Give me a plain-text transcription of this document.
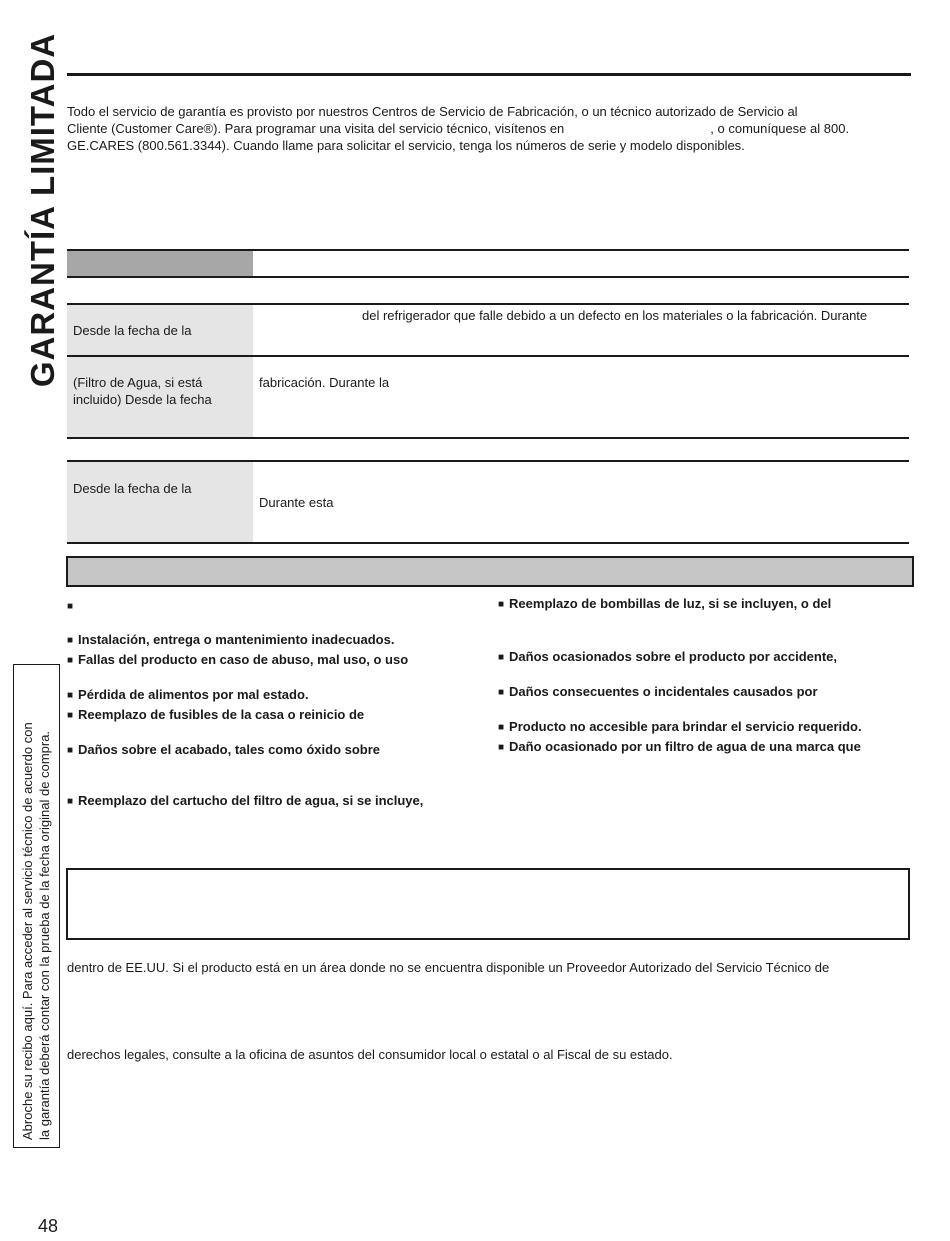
GARANTÍA LIMITADA Todo el servicio de garantía es provisto por nuestros Centros de Servicio de Fabricación, o un técnico autorizado de Servicio al
Cliente (Customer Care®). Para programar una visita del servicio técnico, visítenos en	, o comuníquese al 800.
GE.CARES (800.561.3344). Cuando llame para solicitar el servicio, tenga los números de serie y modelo disponibles.
Desde la fecha de la
del refrigerador que falle debido a un defecto en los materiales o la fabricación. Durante
(Filtro de Agua, si está
incluido) Desde la fecha
fabricación. Durante la
Desde la fecha de la
Durante esta
■
■ Instalación, entrega o mantenimiento inadecuados.
■ Fallas del producto en caso de abuso, mal uso, o uso
■ Pérdida de alimentos por mal estado.
■ Reemplazo de fusibles de la casa o reinicio de
■ Daños sobre el acabado, tales como óxido sobre
■ Reemplazo del cartucho del filtro de agua, si se incluye,
■ Reemplazo de bombillas de luz, si se incluyen, o del
■ Daños ocasionados sobre el producto por accidente,
■ Daños consecuentes o incidentales causados por
■ Producto no accesible para brindar el servicio requerido.
■ Daño ocasionado por un filtro de agua de una marca que
dentro de EE.UU. Si el producto está en un área donde no se encuentra disponible un Proveedor Autorizado del Servicio Técnico de
derechos legales, consulte a la oficina de asuntos del consumidor local o estatal o al Fiscal de su estado.
Abroche su recibo aquí. Para acceder al servicio técnico de acuerdo con la garantía deberá contar con la prueba de la fecha original de compra.
48
